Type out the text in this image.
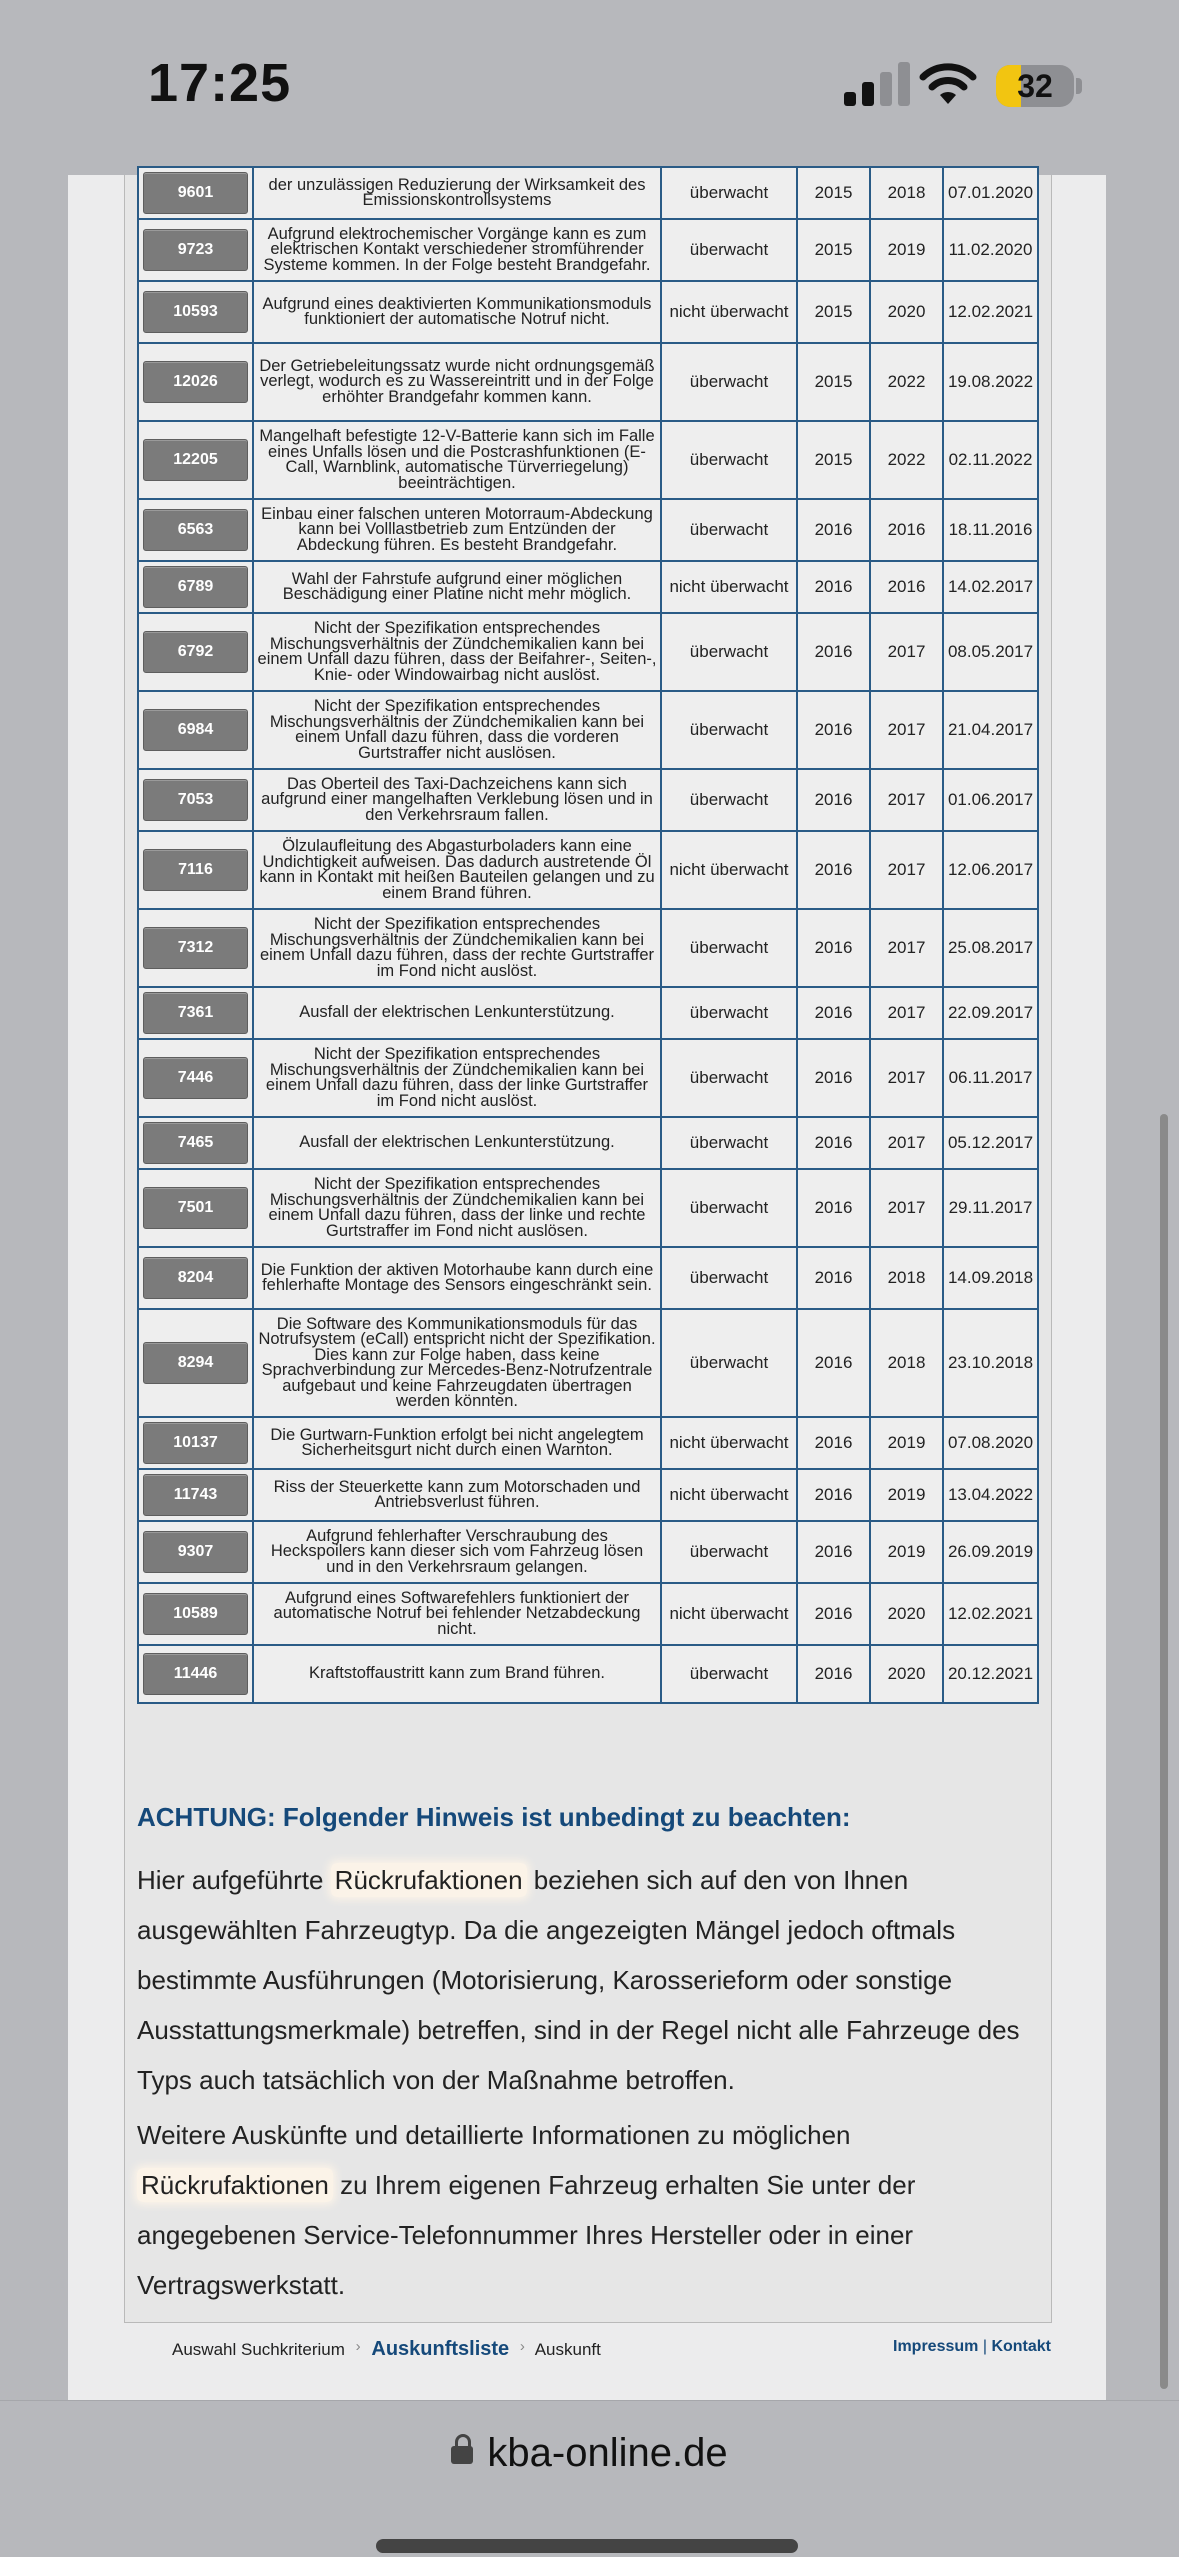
17:25	32
9601	der unzulässigen Reduzierung der Wirksamkeit des Emissionskontrollsystems	überwacht	2015	2018	07.01.2020

9723	Aufgrund elektrochemischer Vorgänge kann es zum elektrischen Kontakt verschiedener stromführender Systeme kommen. In der Folge besteht Brandgefahr.	überwacht	2015	2019	11.02.2020

10593	Aufgrund eines deaktivierten Kommunikationsmoduls funktioniert der automatische Notruf nicht.	nicht überwacht	2015	2020	12.02.2021

12026	Der Getriebeleitungssatz wurde nicht ordnungsgemäß verlegt, wodurch es zu Wassereintritt und in der Folge erhöhter Brandgefahr kommen kann.	überwacht	2015	2022	19.08.2022

12205	Mangelhaft befestigte 12-V-Batterie kann sich im Falle eines Unfalls lösen und die Postcrashfunktionen (E-Call, Warnblink, automatische Türverriegelung) beeinträchtigen.	überwacht	2015	2022	02.11.2022

6563	Einbau einer falschen unteren Motorraum-Abdeckung kann bei Volllastbetrieb zum Entzünden der Abdeckung führen. Es besteht Brandgefahr.	überwacht	2016	2016	18.11.2016

6789	Wahl der Fahrstufe aufgrund einer möglichen Beschädigung einer Platine nicht mehr möglich.	nicht überwacht	2016	2016	14.02.2017

6792	Nicht der Spezifikation entsprechendes Mischungsverhältnis der Zündchemikalien kann bei einem Unfall dazu führen, dass der Beifahrer-, Seiten-, Knie- oder Windowairbag nicht auslöst.	überwacht	2016	2017	08.05.2017

6984	Nicht der Spezifikation entsprechendes Mischungsverhältnis der Zündchemikalien kann bei einem Unfall dazu führen, dass die vorderen Gurtstraffer nicht auslösen.	überwacht	2016	2017	21.04.2017

7053	Das Oberteil des Taxi-Dachzeichens kann sich aufgrund einer mangelhaften Verklebung lösen und in den Verkehrsraum fallen.	überwacht	2016	2017	01.06.2017

7116	Ölzulaufleitung des Abgasturboladers kann eine Undichtigkeit aufweisen. Das dadurch austretende Öl kann in Kontakt mit heißen Bauteilen gelangen und zu einem Brand führen.	nicht überwacht	2016	2017	12.06.2017

7312	Nicht der Spezifikation entsprechendes Mischungsverhältnis der Zündchemikalien kann bei einem Unfall dazu führen, dass der rechte Gurtstraffer im Fond nicht auslöst.	überwacht	2016	2017	25.08.2017

7361	Ausfall der elektrischen Lenkunterstützung.	überwacht	2016	2017	22.09.2017

7446	Nicht der Spezifikation entsprechendes Mischungsverhältnis der Zündchemikalien kann bei einem Unfall dazu führen, dass der linke Gurtstraffer im Fond nicht auslöst.	überwacht	2016	2017	06.11.2017

7465	Ausfall der elektrischen Lenkunterstützung.	überwacht	2016	2017	05.12.2017

7501	Nicht der Spezifikation entsprechendes Mischungsverhältnis der Zündchemikalien kann bei einem Unfall dazu führen, dass der linke und rechte Gurtstraffer im Fond nicht auslösen.	überwacht	2016	2017	29.11.2017

8204	Die Funktion der aktiven Motorhaube kann durch eine fehlerhafte Montage des Sensors eingeschränkt sein.	überwacht	2016	2018	14.09.2018

8294	Die Software des Kommunikationsmoduls für das Notrufsystem (eCall) entspricht nicht der Spezifikation. Dies kann zur Folge haben, dass keine Sprachverbindung zur Mercedes-Benz-Notrufzentrale aufgebaut und keine Fahrzeugdaten übertragen werden könnten.	überwacht	2016	2018	23.10.2018

10137	Die Gurtwarn-Funktion erfolgt bei nicht angelegtem Sicherheitsgurt nicht durch einen Warnton.	nicht überwacht	2016	2019	07.08.2020

11743	Riss der Steuerkette kann zum Motorschaden und Antriebsverlust führen.	nicht überwacht	2016	2019	13.04.2022

9307	Aufgrund fehlerhafter Verschraubung des Heckspoilers kann dieser sich vom Fahrzeug lösen und in den Verkehrsraum gelangen.	überwacht	2016	2019	26.09.2019

10589	Aufgrund eines Softwarefehlers funktioniert der automatische Notruf bei fehlender Netzabdeckung nicht.	nicht überwacht	2016	2020	12.02.2021

11446	Kraftstoffaustritt kann zum Brand führen.	überwacht	2016	2020	20.12.2021
ACHTUNG: Folgender Hinweis ist unbedingt zu beachten:
Hier aufgeführte Rückrufaktionen beziehen sich auf den von Ihnen ausgewählten Fahrzeugtyp. Da die angezeigten Mängel jedoch oftmals bestimmte Ausführungen (Motorisierung, Karosserieform oder sonstige Ausstattungsmerkmale) betreffen, sind in der Regel nicht alle Fahrzeuge des Typs auch tatsächlich von der Maßnahme betroffen.
Weitere Auskünfte und detaillierte Informationen zu möglichen Rückrufaktionen zu Ihrem eigenen Fahrzeug erhalten Sie unter der angegebenen Service-Telefonnummer Ihres Hersteller oder in einer Vertragswerkstatt.
Auswahl Suchkriterium › Auskunftsliste › Auskunft	Impressum | Kontakt
kba-online.de
